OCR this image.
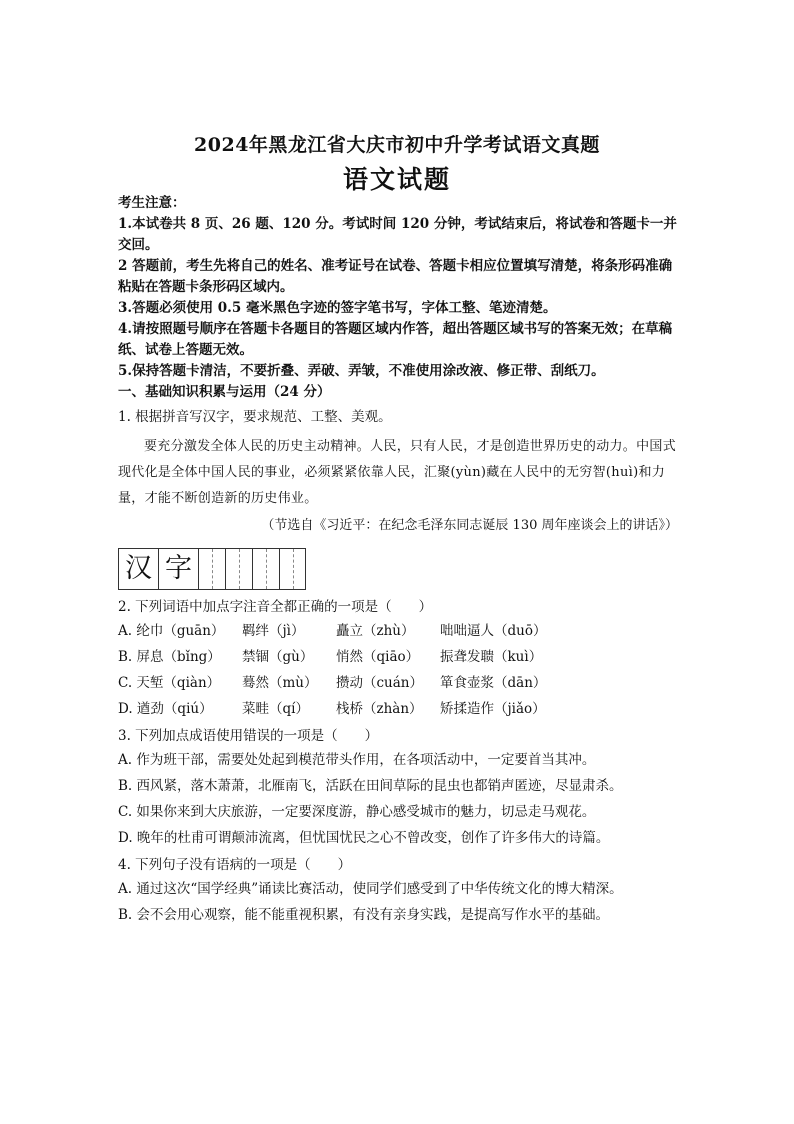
2024年黑龙江省大庆市初中升学考试语文真题
语文试题

考生注意：

1.本试卷共 8 页、26 题、120 分。考试时间 120 分钟，考试结束后，将试卷和答题卡一并交回。

2 答题前，考生先将自己的姓名、准考证号在试卷、答题卡相应位置填写清楚，将条形码准确粘贴在答题卡条形码区域内。

3.答题必须使用 0.5 毫米黑色字迹的签字笔书写，字体工整、笔迹清楚。

4.请按照题号顺序在答题卡各题目的答题区域内作答，超出答题区域书写的答案无效；在草稿纸、试卷上答题无效。

5.保持答题卡清洁，不要折叠、弄破、弄皱，不准使用涂改液、修正带、刮纸刀。

一、基础知识积累与运用（24 分）

1. 根据拼音写汉字，要求规范、工整、美观。

要充分激发全体人民的历史主动精神。人民，只有人民，才是创造世界历史的动力。中国式现代化是全体中国人民的事业，必须紧紧依靠人民，汇聚(yùn)藏在人民中的无穷智(huì)和力量，才能不断创造新的历史伟业。

（节选自《习近平：在纪念毛泽东同志诞辰 130 周年座谈会上的讲话》）

汉 字

2. 下列词语中加点字注音全都正确的一项是（　　）

A. 纶巾（guān）	羁绊（jì）	矗立（zhù）	咄咄逼人（duō）
B. 屏息（bǐng）	禁锢（gù）	悄然（qiāo）	振聋发聩（kuì）
C. 天堑（qiàn）	蓦然（mù）	攒动（cuán）	箪食壶浆（dān）
D. 遒劲（qiú）	菜畦（qí）	栈桥（zhàn）	矫揉造作（jiǎo）

3. 下列加点成语使用错误的一项是（　　）

A. 作为班干部，需要处处起到模范带头作用，在各项活动中，一定要首当其冲。

B. 西风紧，落木萧萧，北雁南飞，活跃在田间草际的昆虫也都销声匿迹，尽显肃杀。

C. 如果你来到大庆旅游，一定要深度游，静心感受城市的魅力，切忌走马观花。

D. 晚年的杜甫可谓颠沛流离，但忧国忧民之心不曾改变，创作了许多伟大的诗篇。

4. 下列句子没有语病的一项是（　　）

A. 通过这次“国学经典”诵读比赛活动，使同学们感受到了中华传统文化的博大精深。

B. 会不会用心观察，能不能重视积累，有没有亲身实践，是提高写作水平的基础。
